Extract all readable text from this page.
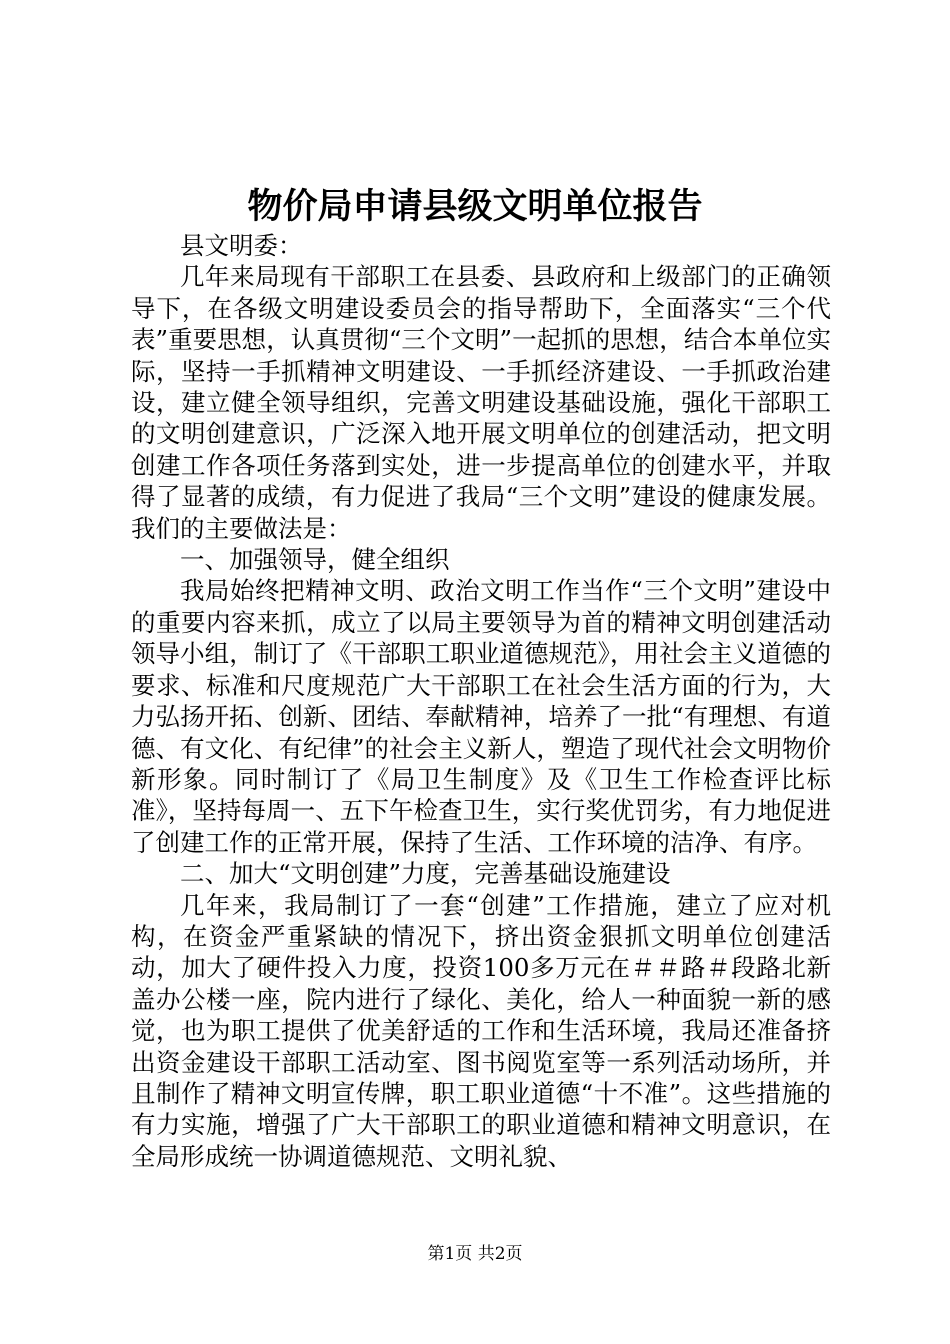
物价局申请县级文明单位报告

县文明委：

几年来局现有干部职工在县委、县政府和上级部门的正确领导下，在各级文明建设委员会的指导帮助下，全面落实“三个代表”重要思想，认真贯彻“三个文明”一起抓的思想，结合本单位实际，坚持一手抓精神文明建设、一手抓经济建设、一手抓政治建设，建立健全领导组织，完善文明建设基础设施，强化干部职工的文明创建意识，广泛深入地开展文明单位的创建活动，把文明创建工作各项任务落到实处，进一步提高单位的创建水平，并取得了显著的成绩，有力促进了我局“三个文明”建设的健康发展。我们的主要做法是：

一、加强领导，健全组织

我局始终把精神文明、政治文明工作当作“三个文明”建设中的重要内容来抓，成立了以局主要领导为首的精神文明创建活动领导小组，制订了《干部职工职业道德规范》，用社会主义道德的要求、标准和尺度规范广大干部职工在社会生活方面的行为，大力弘扬开拓、创新、团结、奉献精神，培养了一批“有理想、有道德、有文化、有纪律”的社会主义新人，塑造了现代社会文明物价新形象。同时制订了《局卫生制度》及《卫生工作检查评比标准》，坚持每周一、五下午检查卫生，实行奖优罚劣，有力地促进了创建工作的正常开展，保持了生活、工作环境的洁净、有序。

二、加大“文明创建”力度，完善基础设施建设

几年来，我局制订了一套“创建”工作措施，建立了应对机构，在资金严重紧缺的情况下，挤出资金狠抓文明单位创建活动，加大了硬件投入力度，投资100多万元在＃＃路＃段路北新盖办公楼一座，院内进行了绿化、美化，给人一种面貌一新的感觉，也为职工提供了优美舒适的工作和生活环境，我局还准备挤出资金建设干部职工活动室、图书阅览室等一系列活动场所，并且制作了精神文明宣传牌，职工职业道德“十不准”。这些措施的有力实施，增强了广大干部职工的职业道德和精神文明意识，在全局形成统一协调道德规范、文明礼貌、

第1页 共2页
